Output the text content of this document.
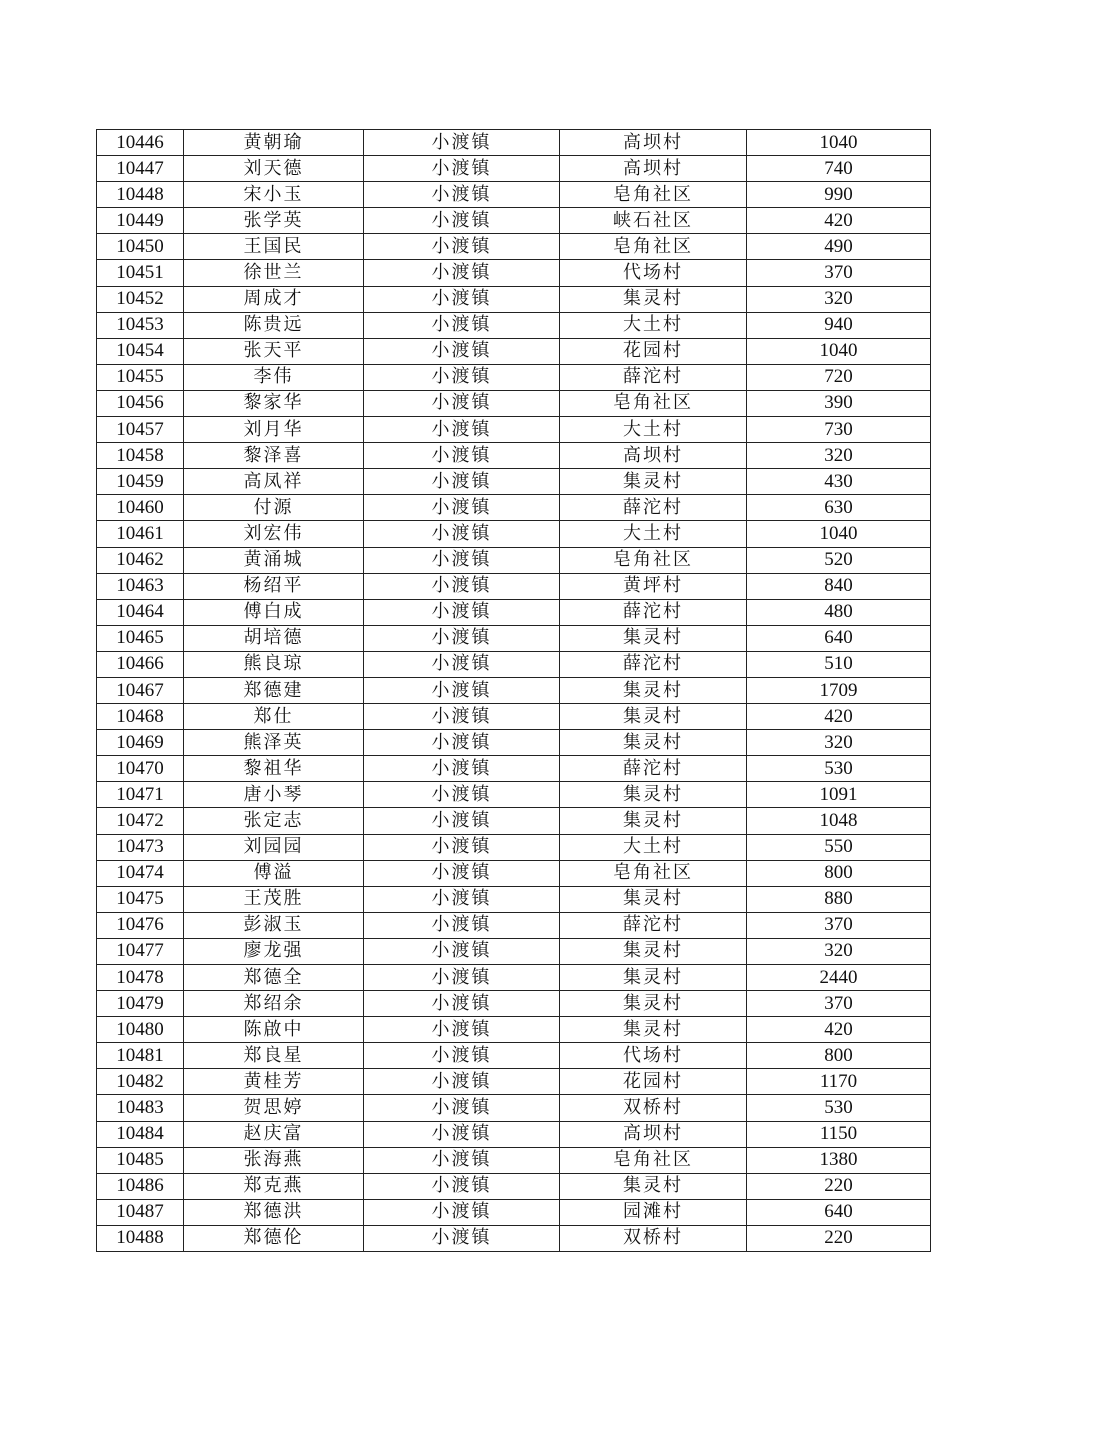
10446	黄朝瑜	小渡镇	高坝村	1040
10447	刘天德	小渡镇	高坝村	740
10448	宋小玉	小渡镇	皂角社区	990
10449	张学英	小渡镇	峡石社区	420
10450	王国民	小渡镇	皂角社区	490
10451	徐世兰	小渡镇	代场村	370
10452	周成才	小渡镇	集灵村	320
10453	陈贵远	小渡镇	大土村	940
10454	张天平	小渡镇	花园村	1040
10455	李伟	小渡镇	薛沱村	720
10456	黎家华	小渡镇	皂角社区	390
10457	刘月华	小渡镇	大土村	730
10458	黎泽喜	小渡镇	高坝村	320
10459	高凤祥	小渡镇	集灵村	430
10460	付源	小渡镇	薛沱村	630
10461	刘宏伟	小渡镇	大土村	1040
10462	黄涌城	小渡镇	皂角社区	520
10463	杨绍平	小渡镇	黄坪村	840
10464	傅白成	小渡镇	薛沱村	480
10465	胡培德	小渡镇	集灵村	640
10466	熊良琼	小渡镇	薛沱村	510
10467	郑德建	小渡镇	集灵村	1709
10468	郑仕	小渡镇	集灵村	420
10469	熊泽英	小渡镇	集灵村	320
10470	黎祖华	小渡镇	薛沱村	530
10471	唐小琴	小渡镇	集灵村	1091
10472	张定志	小渡镇	集灵村	1048
10473	刘园园	小渡镇	大土村	550
10474	傅溢	小渡镇	皂角社区	800
10475	王茂胜	小渡镇	集灵村	880
10476	彭淑玉	小渡镇	薛沱村	370
10477	廖龙强	小渡镇	集灵村	320
10478	郑德全	小渡镇	集灵村	2440
10479	郑绍余	小渡镇	集灵村	370
10480	陈啟中	小渡镇	集灵村	420
10481	郑良星	小渡镇	代场村	800
10482	黄桂芳	小渡镇	花园村	1170
10483	贺思婷	小渡镇	双桥村	530
10484	赵庆富	小渡镇	高坝村	1150
10485	张海燕	小渡镇	皂角社区	1380
10486	郑克燕	小渡镇	集灵村	220
10487	郑德洪	小渡镇	园滩村	640
10488	郑德伦	小渡镇	双桥村	220
